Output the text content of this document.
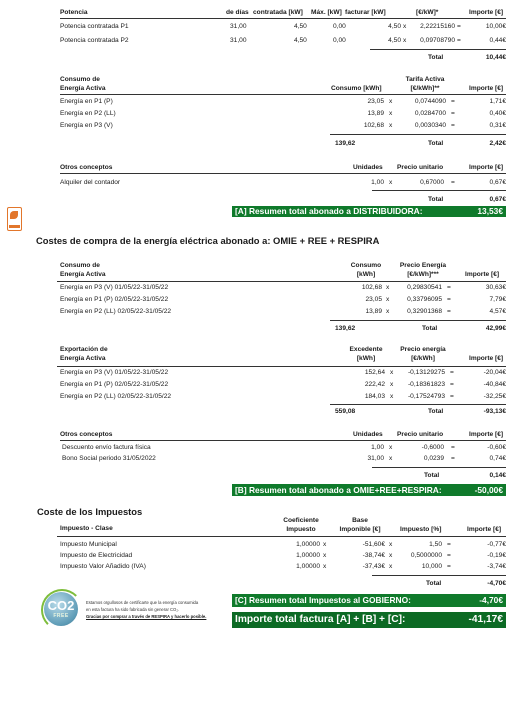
Potencia	de días contratada [kW] Máx. [kW] facturar [kW]	[€/kW]*	Importe [€]
Potencia contratada P1	31,00	4,50	0,00	4,50 x	2,22215160 =	10,00€
Potencia contratada P2	31,00	4,50	0,00	4,50 x	0,09708790 =	0,44€
Total	10,44€
Consumo de
Energía Activa	Consumo [kWh]
Tarifa Activa
[€/kWh]**	Importe [€]
Energía en P1 (P)	23,05 x	0,0744090 =	1,71€
Energía en P2 (LL)	13,89 x	0,0284700 =	0,40€
Energía en P3 (V)	102,68 x	0,0030340 =	0,31€
139,62	Total	2,42€
Otros conceptos	Unidades Precio unitario	Importe [€]
Alquiler del contador	1,00 x	0,67000 =	0,67€
Total	0,67€
[A] Resumen total abonado a DISTRIBUIDORA:	13,53€
Costes de compra de la energía eléctrica abonado a: OMIE + REE + RESPIRA
Consumo de
Energía Activa
Consumo
[kWh]
Precio Energía
[€/kWh]***	Importe [€]
Energía en P3 (V) 01/05/22-31/05/22	102,68 x	0,29830541 =	30,63€
Energía en P1 (P) 02/05/22-31/05/22	23,05 x	0,33796095 =	7,79€
Energía en P2 (LL) 02/05/22-31/05/22	13,89 x	0,32901368 =	4,57€
139,62	Total	42,99€
Exportación de
Energía Activa
Excedente
[kWh]
Precio energía
[€/kWh]	Importe [€]
Energía en P3 (V) 01/05/22-31/05/22	152,64 x	-0,13129275 =	-20,04€
Energía en P1 (P) 02/05/22-31/05/22	222,42 x	-0,18361823 =	-40,84€
Energía en P2 (LL) 02/05/22-31/05/22	184,03 x	-0,17524793 =	-32,25€
559,08	Total	-93,13€
Otros conceptos	Unidades Precio unitario	Importe [€]
Descuento envío factura física	1,00 x	-0,6000 =	-0,60€
Bono Social periodo 31/05/2022	31,00 x	0,0239 =	0,74€
Total	0,14€
[B] Resumen total abonado a OMIE+REE+RESPIRA:	-50,00€
Coste de los Impuestos
Impuesto - Clase
Coeficiente
Impuesto
Base
Imponible [€]	Impuesto [%]	Importe [€]
Impuesto Municipal	1,00000 x	-51,60€ x	1,50 =	-0,77€
Impuesto de Electricidad	1,00000 x	-38,74€ x	0,5000000 =	-0,19€
Impuesto Valor Añadido (IVA)	1,00000 x	-37,43€ x	10,000 =	-3,74€
Total	-4,70€
CO2
FREE
Estamos orgullosos de certificarte que la energía consumida
en esta factura ha sido fabricada sin generar CO₂.
Gracias por comprar a través de RESPIRA y hacerlo posible.
[C] Resumen total Impuestos al GOBIERNO:	-4,70€
Importe total factura [A] + [B] + [C]:	-41,17€
